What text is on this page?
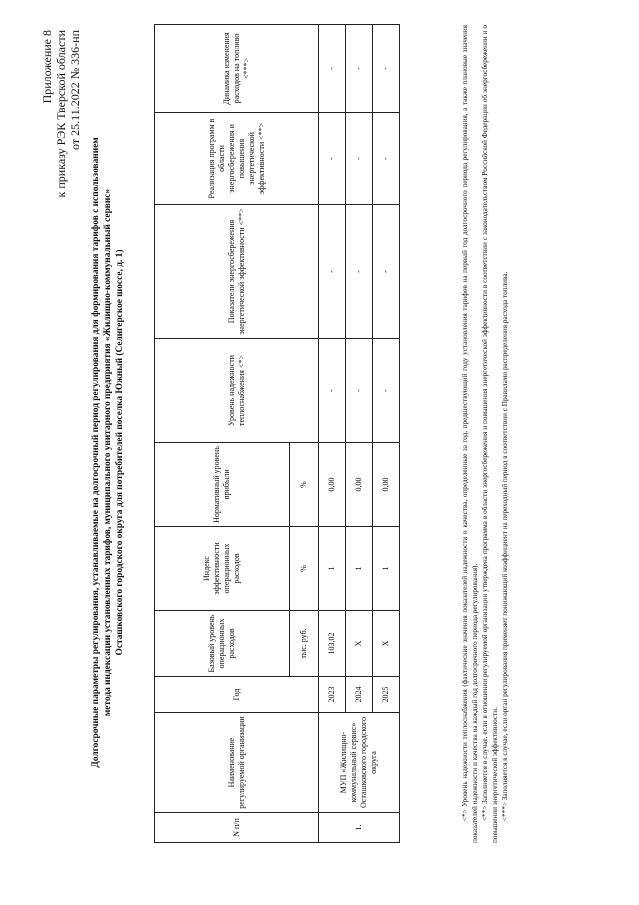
Приложение 8 к приказу РЭК Тверской области от 25.11.2022 № 336-нп
Долгосрочные параметры регулирования, устанавливаемые на долгосрочный период регулирования для формирования тарифов с использованием метода индексации установленных тарифов, муниципального унитарного предприятия «Жилищно-коммунальный сервис» Осташковского городского округа для потребителей поселка Южный (Селигерское шоссе, д. 1)
N п/п	Наименование регулируемой организации	Год	Базовый уровень операционных расходов	Индекс эффективности операционных расходов	Нормативный уровень прибыли	Уровень надежности теплоснабжения <*>	Показатели энергосбережения энергетической эффективности <**>	Реализация программ в области энергосбережения и повышения энергетической эффективности <**>	Динамика изменения расходов на топливо <***>
			тыс. руб.	%	%				
1.	МУП «Жилищно-коммунальный сервис» Осташковского городского округа	2023	103,02	1	0,00	-	-	-	-
		2024	Х	1	0,00	-	-	-	-
		2025	Х	1	0,00	-	-	-	-	<*> Уровень надежности теплоснабжения (фактические значения показателей надежности и качества, определенные за год, предшествующий году установления тарифов на первый год долгосрочного периода регулирования, а также плановые значения показателей надежности и качества на каждый год долгосрочного периода регулирования). <**> Заполняется в случае, если в отношении регулируемой организации утверждена программа в области энергосбережения и повышения энергетической эффективности в соответствии с законодательством Российской Федерации об энергосбережении и о повышении энергетической эффективности. <***> Заполняется в случае, если орган регулирования применяет понижающий коэффициент на переходный период в соответствии с Правилами распределения расхода топлива.
